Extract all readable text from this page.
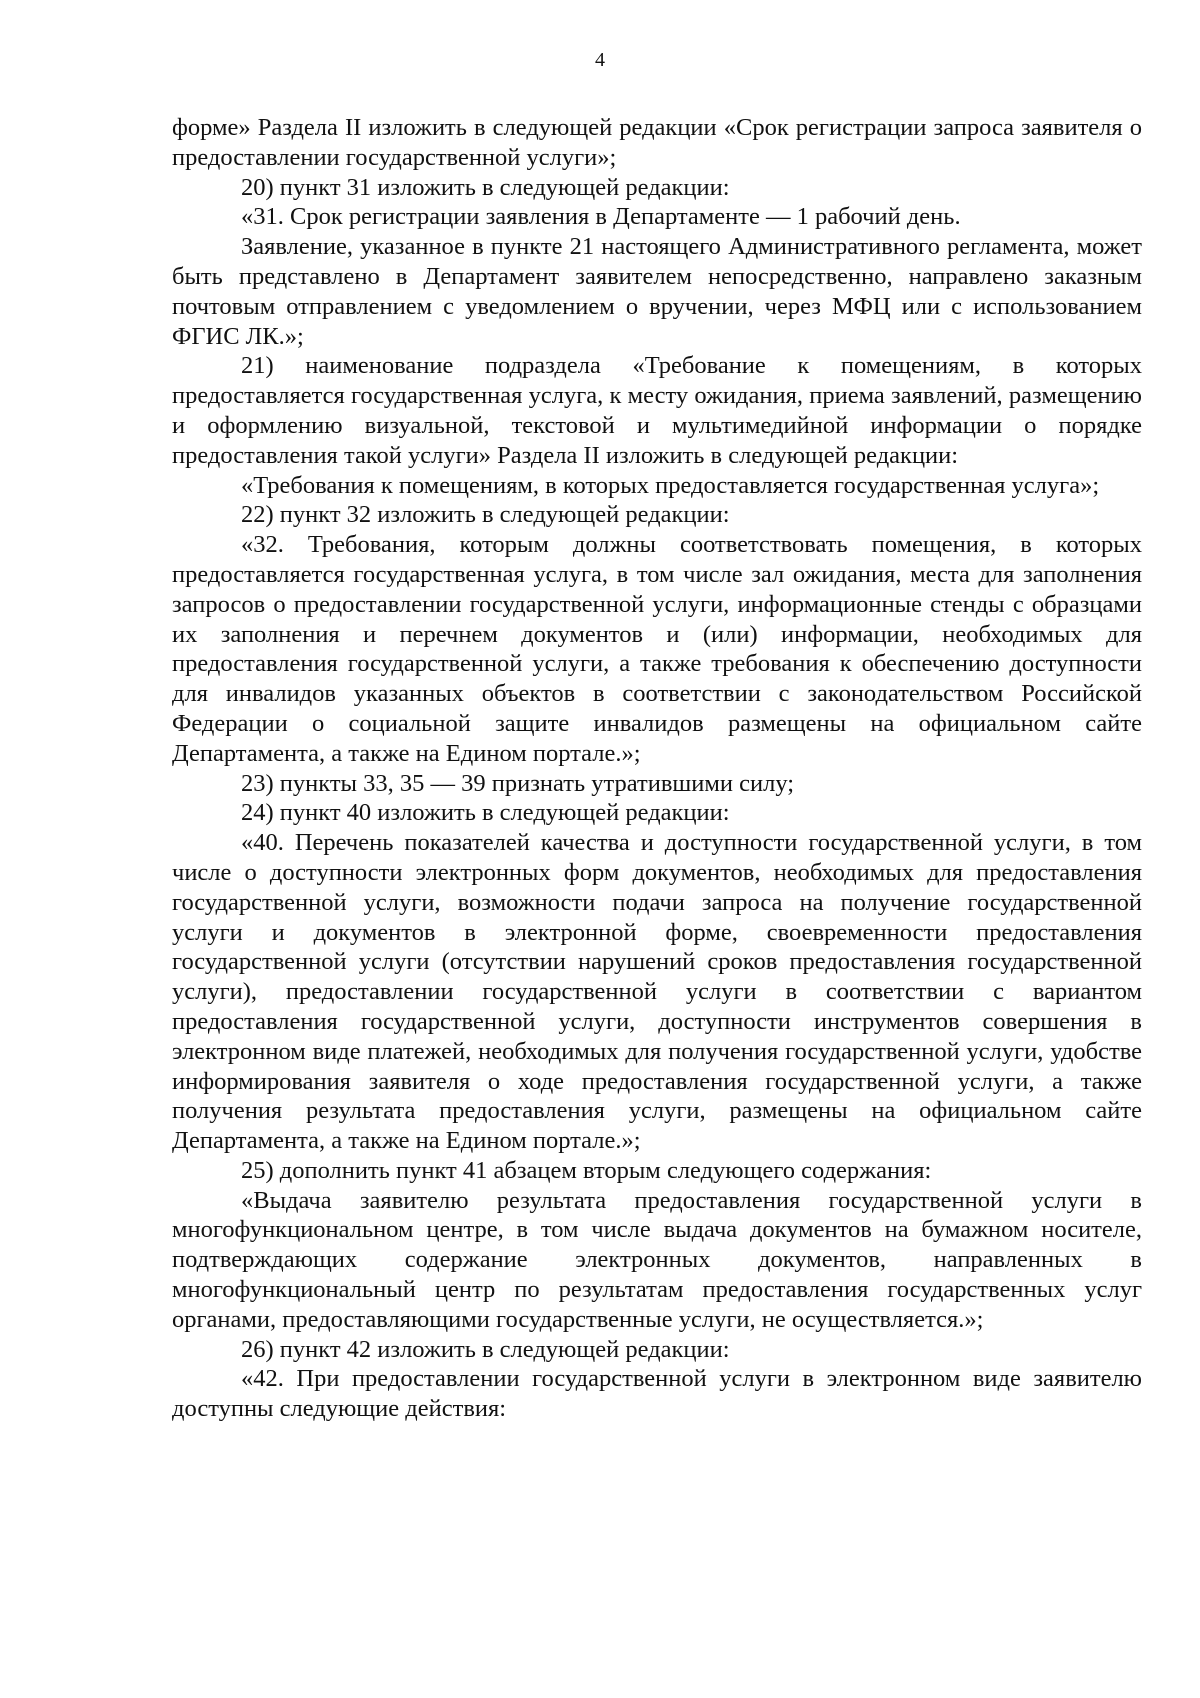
4

форме» Раздела II изложить в следующей редакции «Срок регистрации запроса заявителя о предоставлении государственной услуги»;

20) пункт 31 изложить в следующей редакции:

«31. Срок регистрации заявления в Департаменте — 1 рабочий день.

Заявление, указанное в пункте 21 настоящего Административного регламента, может быть представлено в Департамент заявителем непосредственно, направлено заказным почтовым отправлением с уведомлением о вручении, через МФЦ или с использованием ФГИС ЛК.»;

21) наименование подраздела «Требование к помещениям, в которых предоставляется государственная услуга, к месту ожидания, приема заявлений, размещению и оформлению визуальной, текстовой и мультимедийной информации о порядке предоставления такой услуги» Раздела II изложить в следующей редакции:

«Требования к помещениям, в которых предоставляется государственная услуга»;

22) пункт 32 изложить в следующей редакции:

«32. Требования, которым должны соответствовать помещения, в которых предоставляется государственная услуга, в том числе зал ожидания, места для заполнения запросов о предоставлении государственной услуги, информационные стенды с образцами их заполнения и перечнем документов и (или) информации, необходимых для предоставления государственной услуги, а также требования к обеспечению доступности для инвалидов указанных объектов в соответствии с законодательством Российской Федерации о социальной защите инвалидов размещены на официальном сайте Департамента, а также на Едином портале.»;

23) пункты 33, 35 — 39 признать утратившими силу;

24) пункт 40 изложить в следующей редакции:

«40. Перечень показателей качества и доступности государственной услуги, в том числе о доступности электронных форм документов, необходимых для предоставления государственной услуги, возможности подачи запроса на получение государственной услуги и документов в электронной форме, своевременности предоставления государственной услуги (отсутствии нарушений сроков предоставления государственной услуги), предоставлении государственной услуги в соответствии с вариантом предоставления государственной услуги, доступности инструментов совершения в электронном виде платежей, необходимых для получения государственной услуги, удобстве информирования заявителя о ходе предоставления государственной услуги, а также получения результата предоставления услуги, размещены на официальном сайте Департамента, а также на Едином портале.»;

25) дополнить пункт 41 абзацем вторым следующего содержания:

«Выдача заявителю результата предоставления государственной услуги в многофункциональном центре, в том числе выдача документов на бумажном носителе, подтверждающих содержание электронных документов, направленных в многофункциональный центр по результатам предоставления государственных услуг органами, предоставляющими государственные услуги, не осуществляется.»;

26) пункт 42 изложить в следующей редакции:

«42. При предоставлении государственной услуги в электронном виде заявителю доступны следующие действия:
